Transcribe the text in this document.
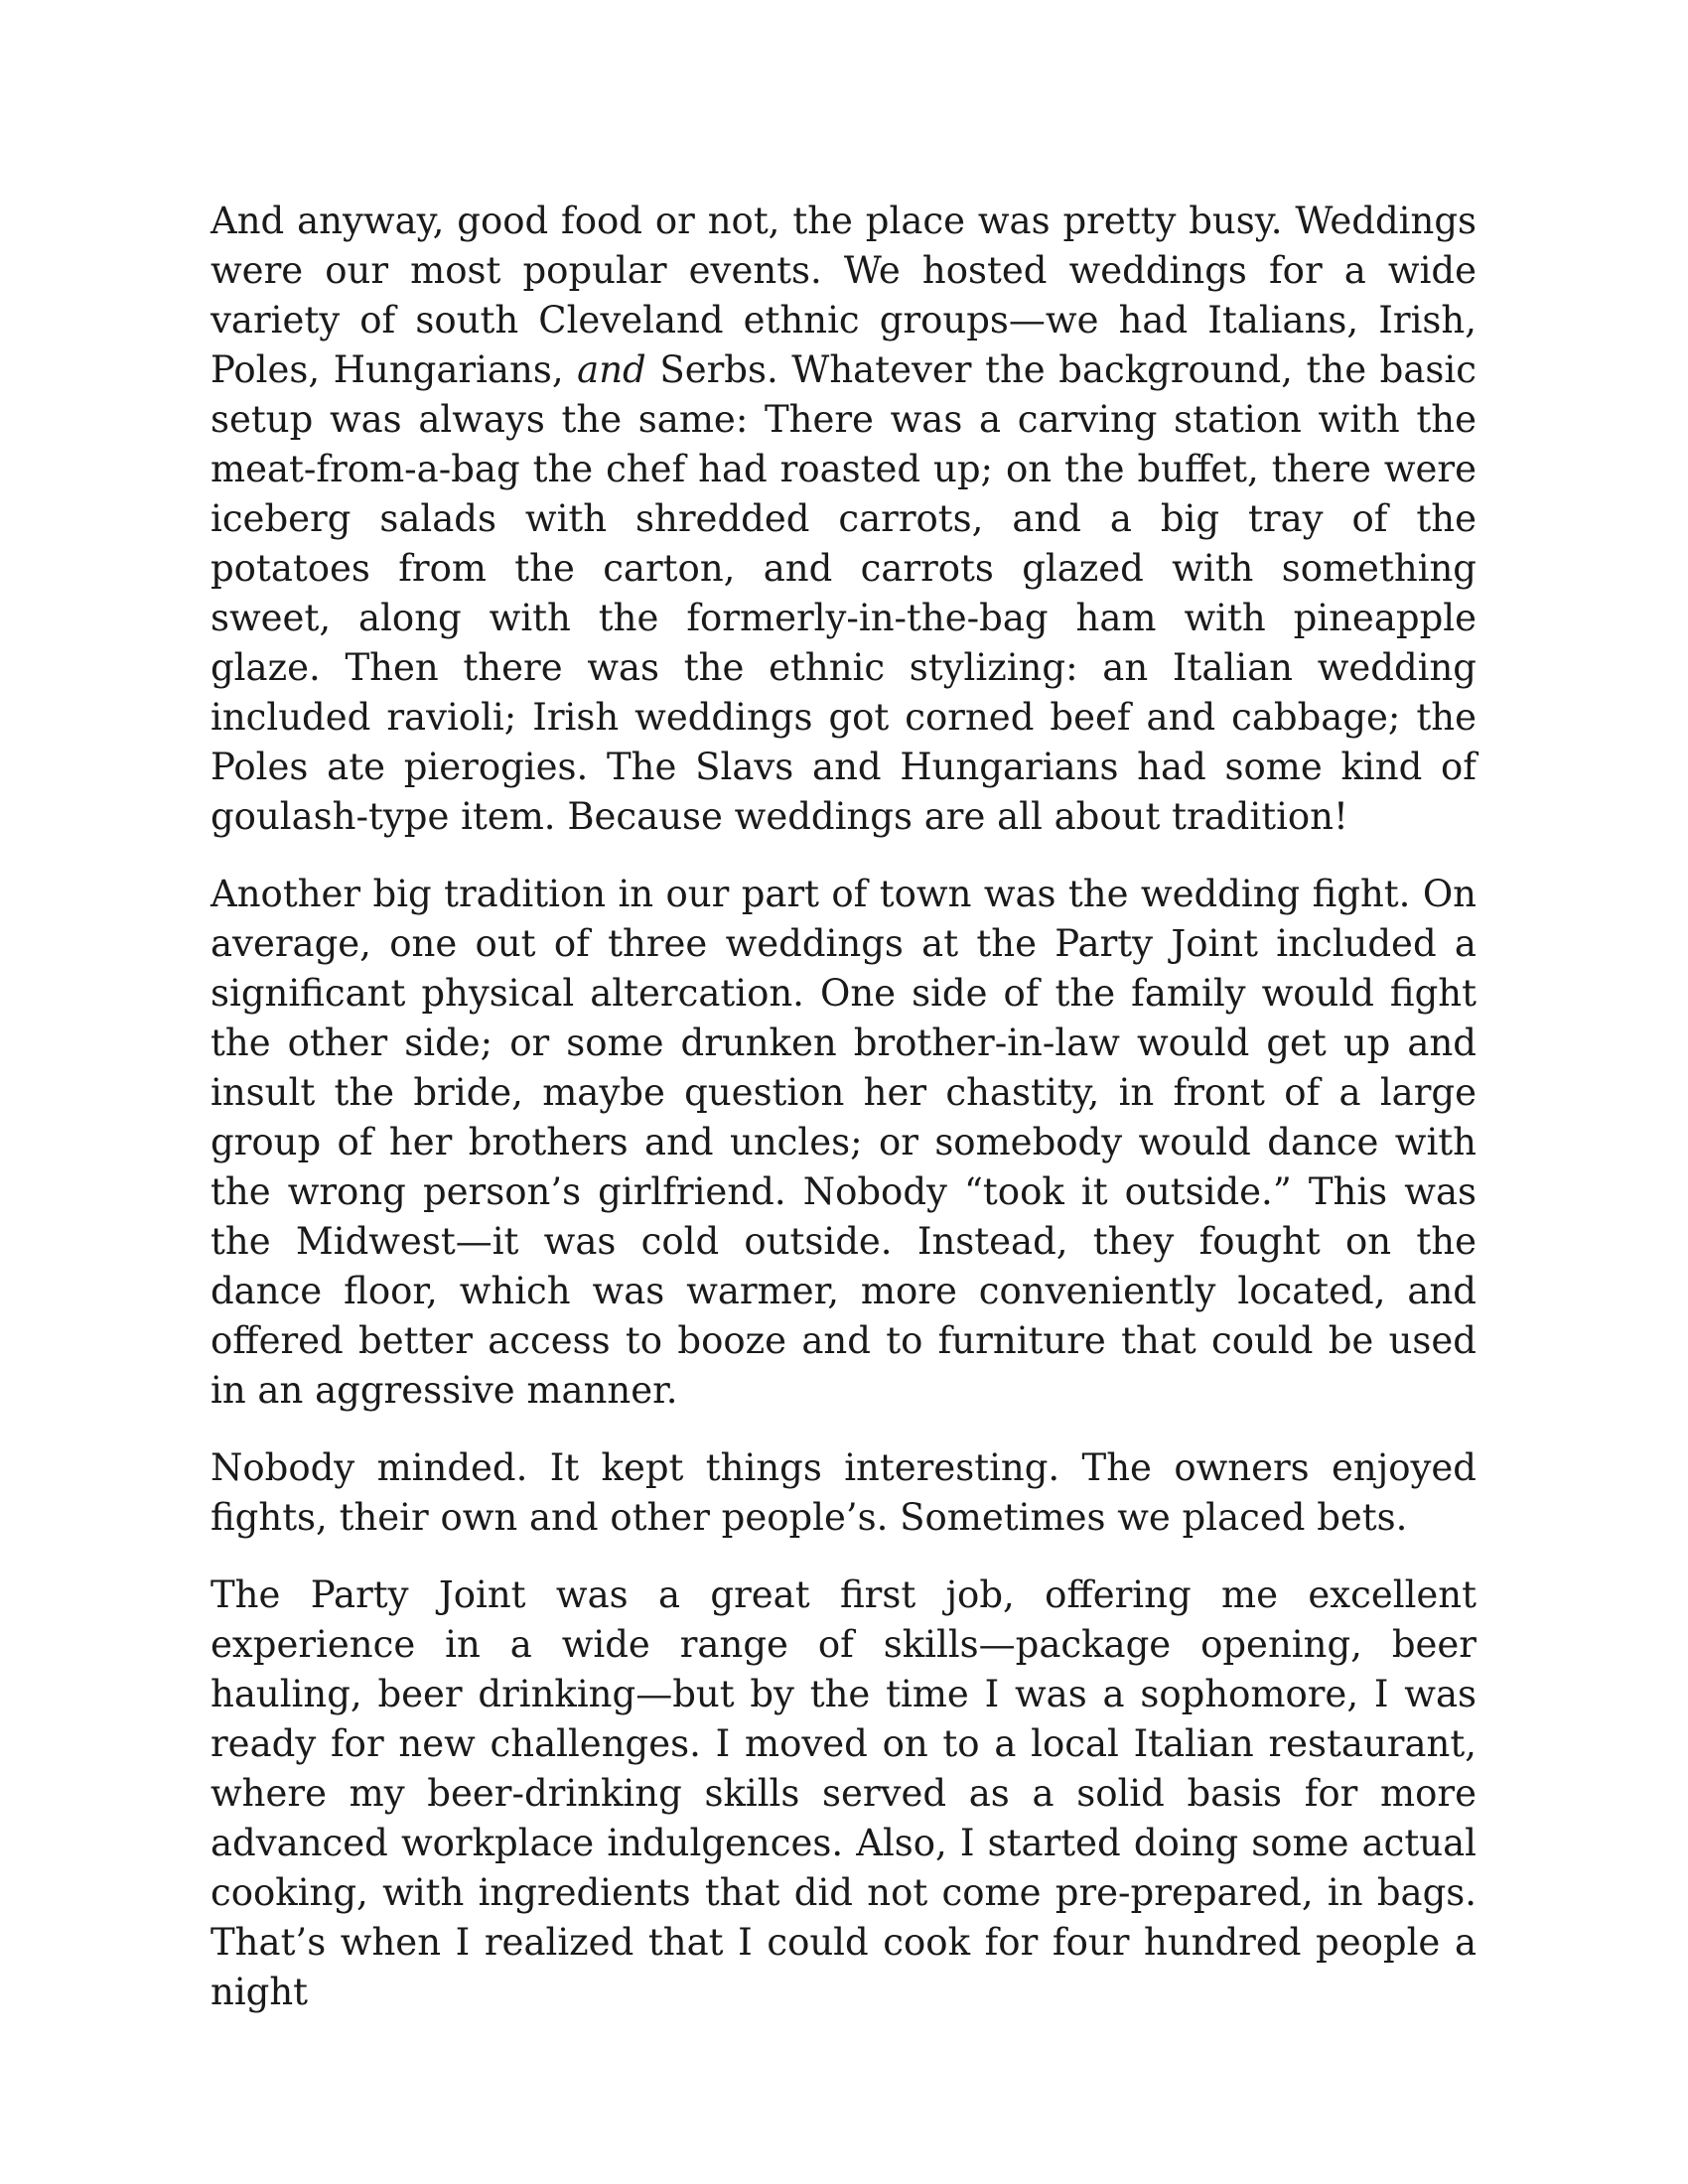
And anyway, good food or not, the place was pretty busy. Weddings were our most popular events. We hosted weddings for a wide variety of south Cleveland ethnic groups—we had Italians, Irish, Poles, Hungarians, and Serbs. Whatever the background, the basic setup was always the same: There was a carving station with the meat-from-a-bag the chef had roasted up; on the buffet, there were iceberg salads with shredded carrots, and a big tray of the potatoes from the carton, and carrots glazed with something sweet, along with the formerly-in-the-bag ham with pineapple glaze. Then there was the ethnic stylizing: an Italian wedding included ravioli; Irish weddings got corned beef and cabbage; the Poles ate pierogies. The Slavs and Hungarians had some kind of goulash-type item. Because weddings are all about tradition!

Another big tradition in our part of town was the wedding fight. On average, one out of three weddings at the Party Joint included a significant physical altercation. One side of the family would fight the other side; or some drunken brother-in-law would get up and insult the bride, maybe question her chastity, in front of a large group of her brothers and uncles; or somebody would dance with the wrong person’s girlfriend. Nobody “took it outside.” This was the Midwest—it was cold outside. Instead, they fought on the dance floor, which was warmer, more conveniently located, and offered better access to booze and to furniture that could be used in an aggressive manner.

Nobody minded. It kept things interesting. The owners enjoyed fights, their own and other people’s. Sometimes we placed bets.

The Party Joint was a great first job, offering me excellent experience in a wide range of skills—package opening, beer hauling, beer drinking—but by the time I was a sophomore, I was ready for new challenges. I moved on to a local Italian restaurant, where my beer-drinking skills served as a solid basis for more advanced workplace indulgences. Also, I started doing some actual cooking, with ingredients that did not come pre-prepared, in bags. That’s when I realized that I could cook for four hundred people a night
